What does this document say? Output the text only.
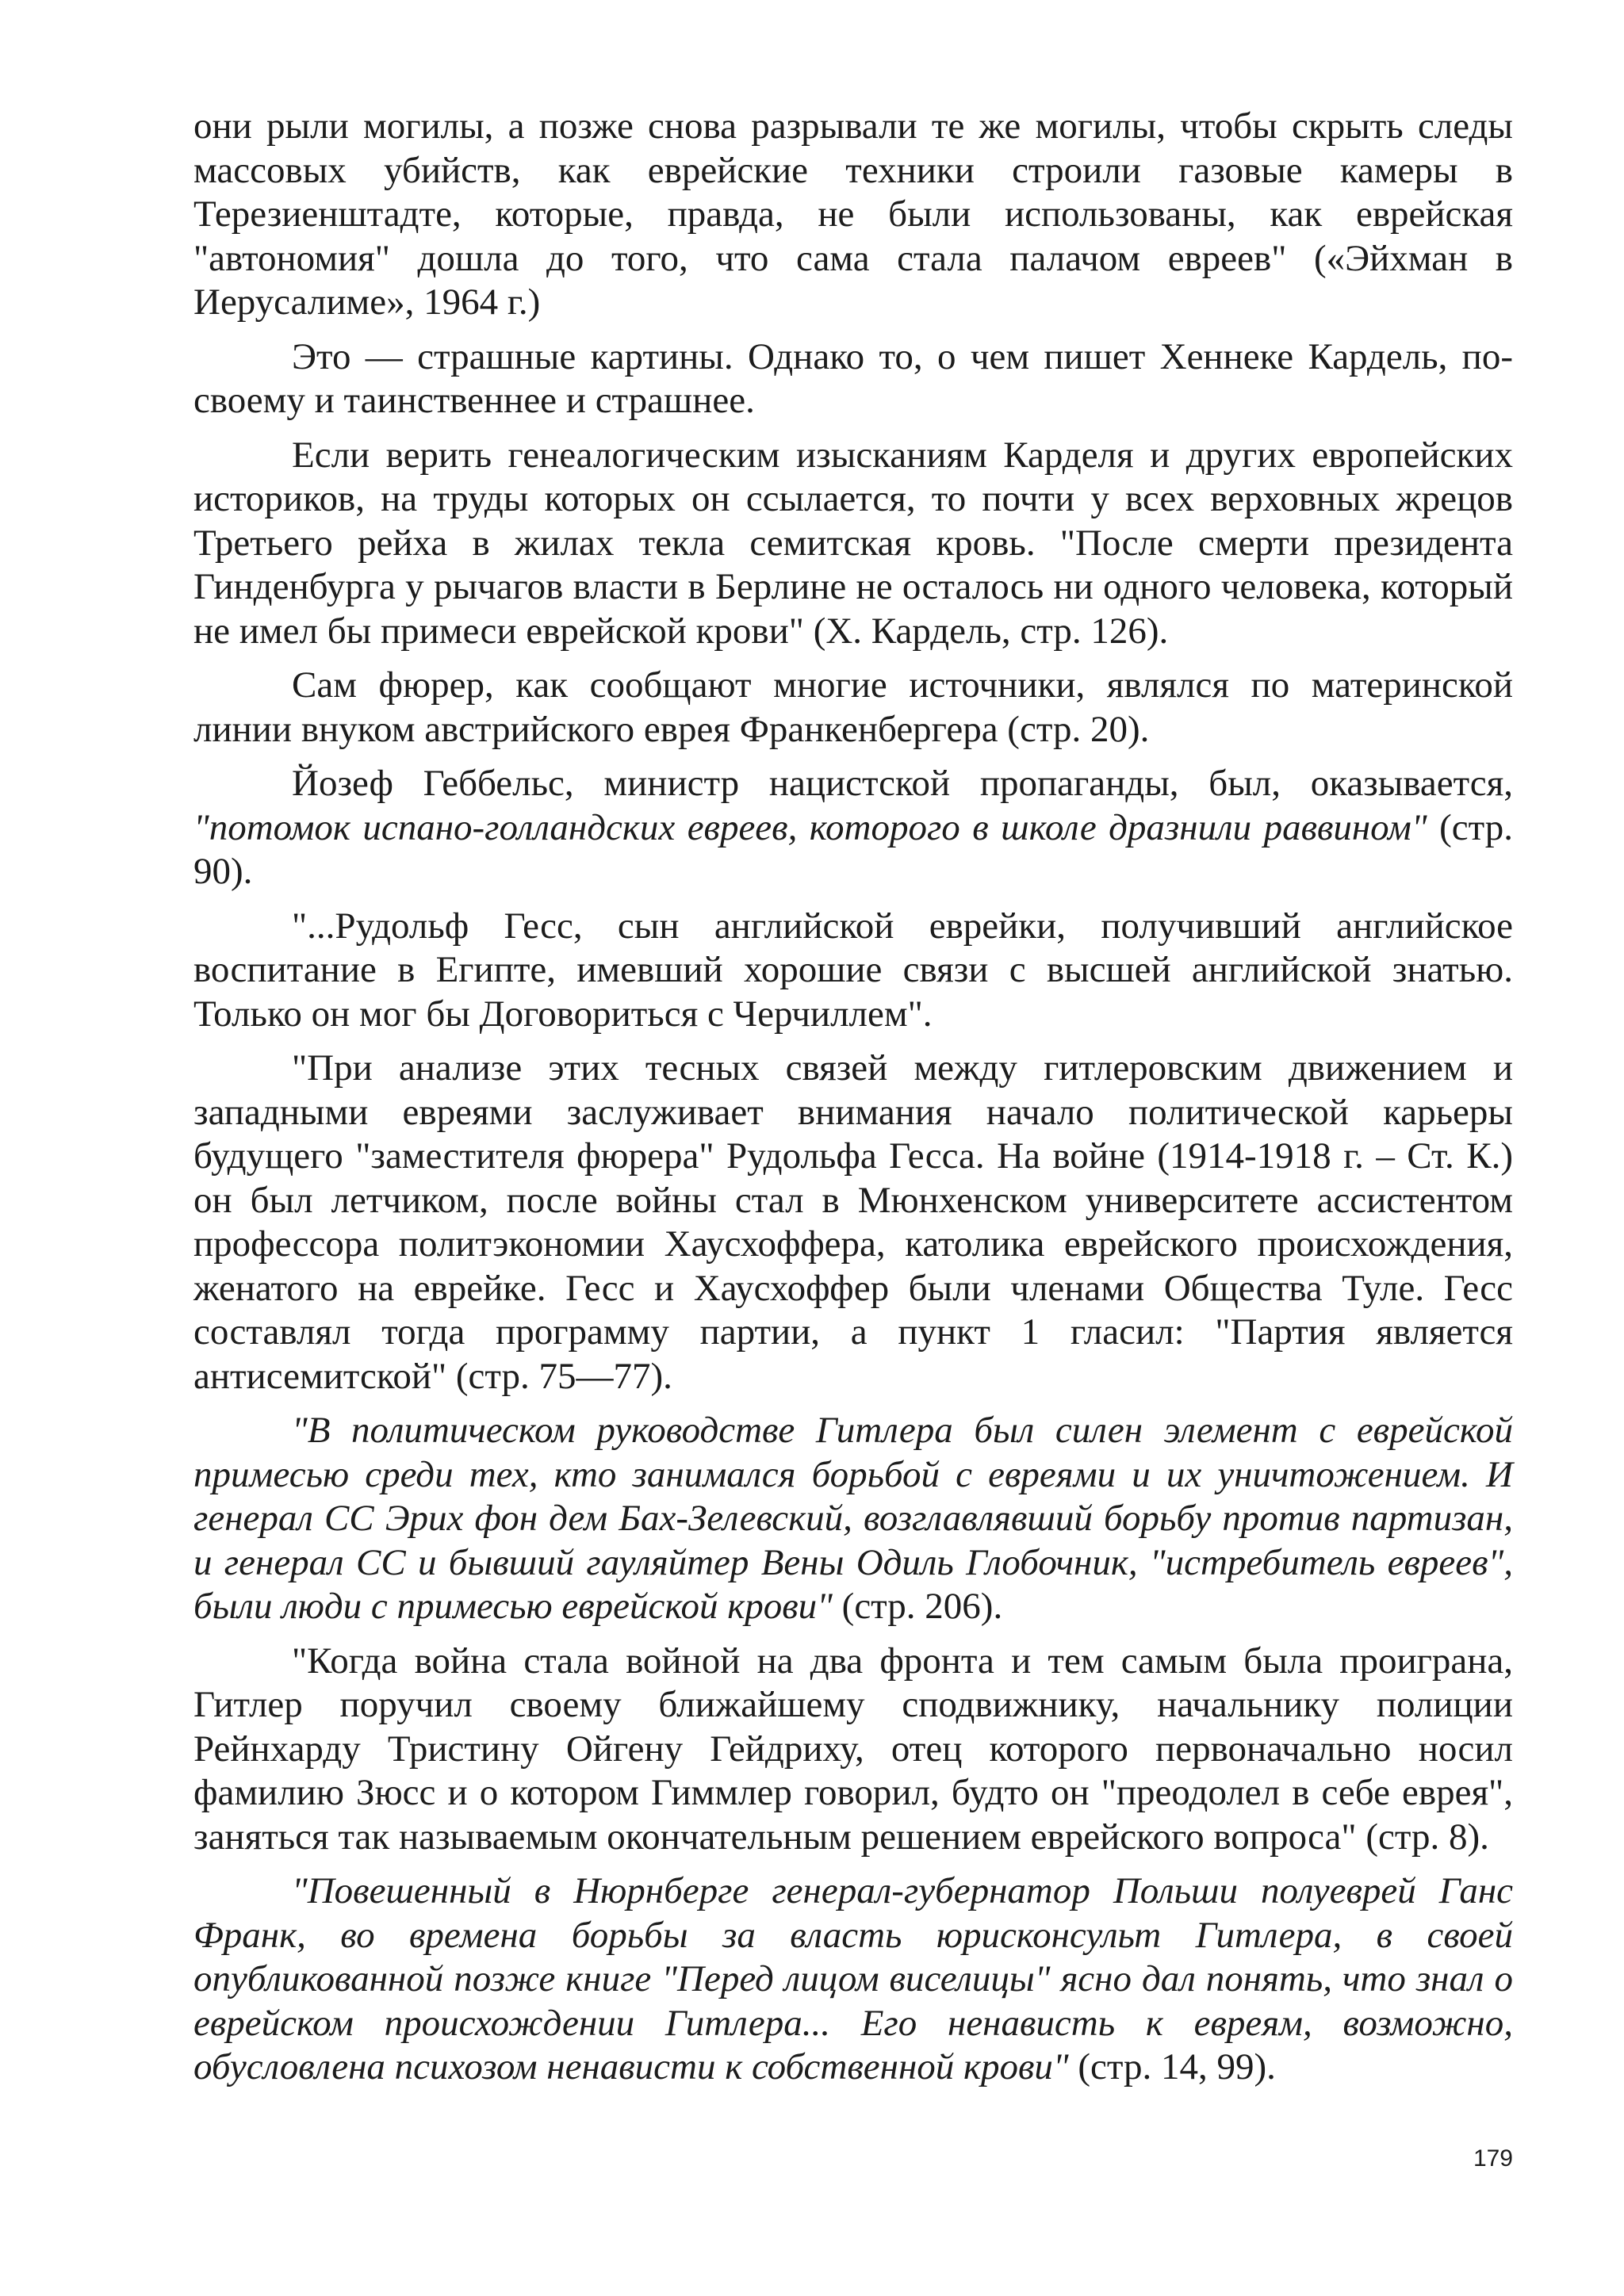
они рыли могилы, а позже снова разрывали те же могилы, чтобы скрыть следы массовых убийств, как еврейские техники строили газовые камеры в Терезиенштадте, которые, правда, не были использованы, как еврейская "автономия" дошла до того, что сама стала палачом евреев" («Эйхман в Иерусалиме», 1964 г.)

Это — страшные картины. Однако то, о чем пишет Хеннеке Кардель, по-своему и таинственнее и страшнее.

Если верить генеалогическим изысканиям Карделя и других европейских историков, на труды которых он ссылается, то почти у всех верховных жрецов Третьего рейха в жилах текла семитская кровь. "После смерти президента Гинденбурга у рычагов власти в Берлине не осталось ни одного человека, который не имел бы примеси еврейской крови" (Х. Кардель, стр. 126).

Сам фюрер, как сообщают многие источники, являлся по материнской линии внуком австрийского еврея Франкенбергера (стр. 20).

Йозеф Геббельс, министр нацистской пропаганды, был, оказывается, "потомок испано-голландских евреев, которого в школе дразнили раввином" (стр. 90).

"...Рудольф Гесс, сын английской еврейки, получивший английское воспитание в Египте, имевший хорошие связи с высшей английской знатью. Только он мог бы Договориться с Черчиллем".

"При анализе этих тесных связей между гитлеровским движением и западными евреями заслуживает внимания начало политической карьеры будущего "заместителя фюрера" Рудольфа Гесса. На войне (1914-1918 г. – Ст. К.) он был летчиком, после войны стал в Мюнхенском университете ассистентом профессора политэкономии Хаусхоффера, католика еврейского происхождения, женатого на еврейке. Гесс и Хаусхоффер были членами Общества Туле. Гесс составлял тогда программу партии, а пункт 1 гласил: "Партия является антисемитской" (стр. 75—77).

"В политическом руководстве Гитлера был силен элемент с еврейской примесью среди тех, кто занимался борьбой с евреями и их уничтожением. И генерал СС Эрих фон дем Бах-Зелевский, возглавлявший борьбу против партизан, и генерал СС и бывший гауляйтер Вены Одиль Глобочник, "истребитель евреев", были люди с примесью еврейской крови" (стр. 206).

"Когда война стала войной на два фронта и тем самым была проиграна, Гитлер поручил своему ближайшему сподвижнику, начальнику полиции Рейнхарду Тристину Ойгену Гейдриху, отец которого первоначально носил фамилию Зюсс и о котором Гиммлер говорил, будто он "преодолел в себе еврея", заняться так называемым окончательным решением еврейского вопроса" (стр. 8).

"Повешенный в Нюрнберге генерал-губернатор Польши полуеврей Ганс Франк, во времена борьбы за власть юрисконсульт Гитлера, в своей опубликованной позже книге "Перед лицом виселицы" ясно дал понять, что знал о еврейском происхождении Гитлера... Его ненависть к евреям, возможно, обусловлена психозом ненависти к собственной крови" (стр. 14, 99).

179
